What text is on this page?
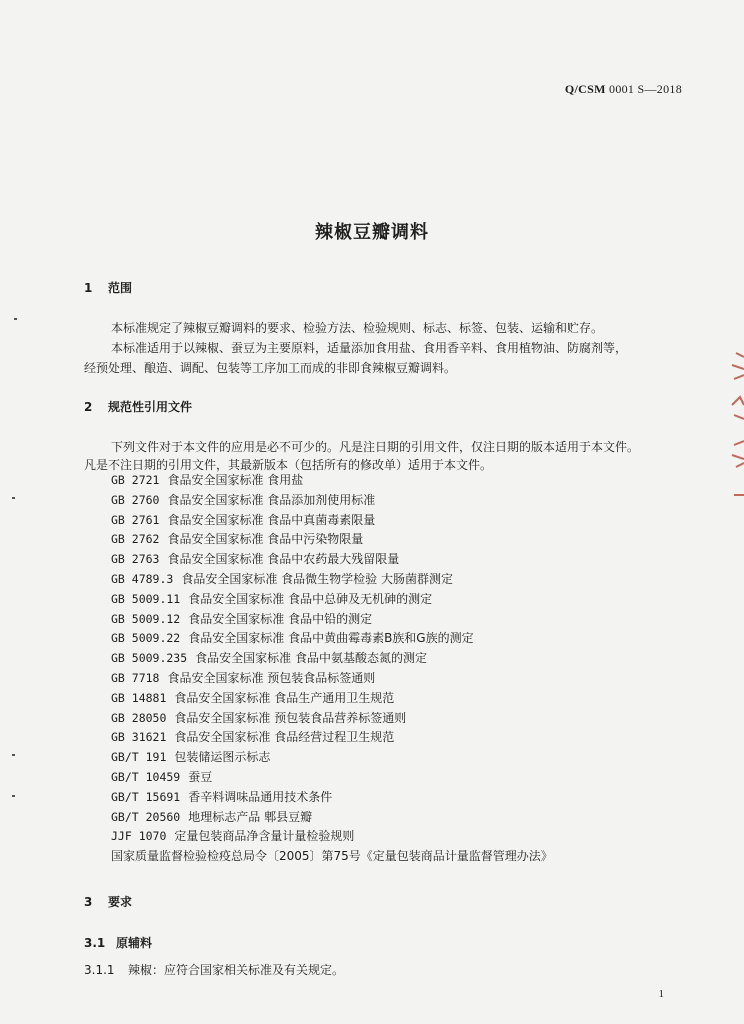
Q/CSM 0001 S—2018
辣椒豆瓣调料
1 范围
本标准规定了辣椒豆瓣调料的要求、检验方法、检验规则、标志、标签、包装、运输和贮存。
本标准适用于以辣椒、蚕豆为主要原料，适量添加食用盐、食用香辛料、食用植物油、防腐剂等，
经预处理、酿造、调配、包装等工序加工而成的非即食辣椒豆瓣调料。
2 规范性引用文件
下列文件对于本文件的应用是必不可少的。凡是注日期的引用文件，仅注日期的版本适用于本文件。
凡是不注日期的引用文件，其最新版本（包括所有的修改单）适用于本文件。
GB 2721 食品安全国家标准 食用盐
GB 2760 食品安全国家标准 食品添加剂使用标准
GB 2761 食品安全国家标准 食品中真菌毒素限量
GB 2762 食品安全国家标准 食品中污染物限量
GB 2763 食品安全国家标准 食品中农药最大残留限量
GB 4789.3 食品安全国家标准 食品微生物学检验 大肠菌群测定
GB 5009.11 食品安全国家标准 食品中总砷及无机砷的测定
GB 5009.12 食品安全国家标准 食品中铅的测定
GB 5009.22 食品安全国家标准 食品中黄曲霉毒素B族和G族的测定
GB 5009.235 食品安全国家标准 食品中氨基酸态氮的测定
GB 7718 食品安全国家标准 预包装食品标签通则
GB 14881 食品安全国家标准 食品生产通用卫生规范
GB 28050 食品安全国家标准 预包装食品营养标签通则
GB 31621 食品安全国家标准 食品经营过程卫生规范
GB/T 191 包装储运图示标志
GB/T 10459 蚕豆
GB/T 15691 香辛料调味品通用技术条件
GB/T 20560 地理标志产品 郫县豆瓣
JJF 1070 定量包装商品净含量计量检验规则
国家质量监督检验检疫总局令〔2005〕第75号《定量包装商品计量监督管理办法》
3 要求
3.1 原辅料
3.1.1 辣椒：应符合国家相关标准及有关规定。
1
